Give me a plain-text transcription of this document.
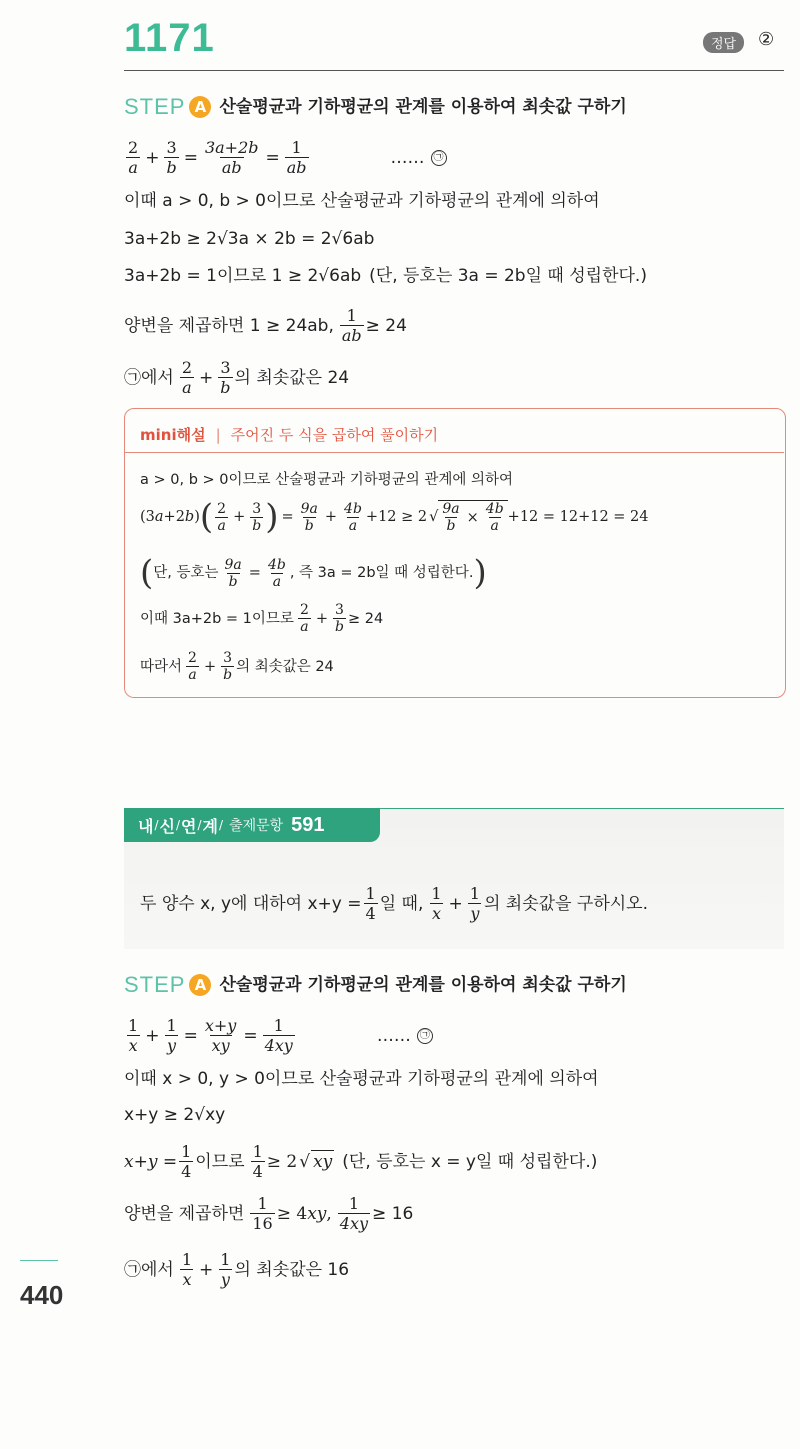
1171	정답	②
STEP A 산술평균과 기하평균의 관계를 이용하여 최솟값 구하기
$\frac{2}{a} + \frac{3}{b} = \frac{3a+2b}{ab} = \frac{1}{ab}$	…… ㉠
이때 a > 0, b > 0이므로 산술평균과 기하평균의 관계에 의하여
3a+2b ≥ 2√3a × 2b = 2√6ab
3a+2b = 1이므로 1 ≥ 2√6ab (단, 등호는 3a = 2b일 때 성립한다.)
양변을 제곱하면 1 ≥ 24ab, $\frac{1}{ab} \ge 24$
㉠에서 $\frac{2}{a} + \frac{3}{b}$ 의 최솟값은 24
mini해설 | 주어진 두 식을 곱하여 풀이하기
a > 0, b > 0이므로 산술평균과 기하평균의 관계에 의하여
(3a+2b) ( $\frac{2}{a} + \frac{3}{b}$ ) = $\frac{9a}{b} + \frac{4b}{a} +12 \ge 2$ √ $\frac{9a}{b} \times \frac{4b}{a} +12 = 12+12 = 24$
( 단, 등호는 $\frac{9a}{b} = \frac{4b}{a}$ , 즉 3a = 2b일 때 성립한다. )
이때 3a+2b = 1이므로 $\frac{2}{a} + \frac{3}{b} \ge 24$
따라서 $\frac{2}{a} + \frac{3}{b}$ 의 최솟값은 24
내 / 신 / 연 / 계 / 출제문항 591
두 양수 x, y에 대하여 $x+y = \frac{1}{4}$ 일 때, $\frac{1}{x} + \frac{1}{y}$ 의 최솟값을 구하시오.
STEP A 산술평균과 기하평균의 관계를 이용하여 최솟값 구하기
$\frac{1}{x} + \frac{1}{y} = \frac{x+y}{xy} = \frac{1}{4xy}$	…… ㉠
이때 x > 0, y > 0이므로 산술평균과 기하평균의 관계에 의하여
x+y ≥ 2√xy
$x+y = \frac{1}{4}$ 이므로 $\frac{1}{4} \ge 2$ √ xy (단, 등호는 x = y일 때 성립한다.)
양변을 제곱하면 $\frac{1}{16} \ge 4xy$, $\frac{1}{4xy} \ge 16$
㉠에서 $\frac{1}{x} + \frac{1}{y}$ 의 최솟값은 16
440
